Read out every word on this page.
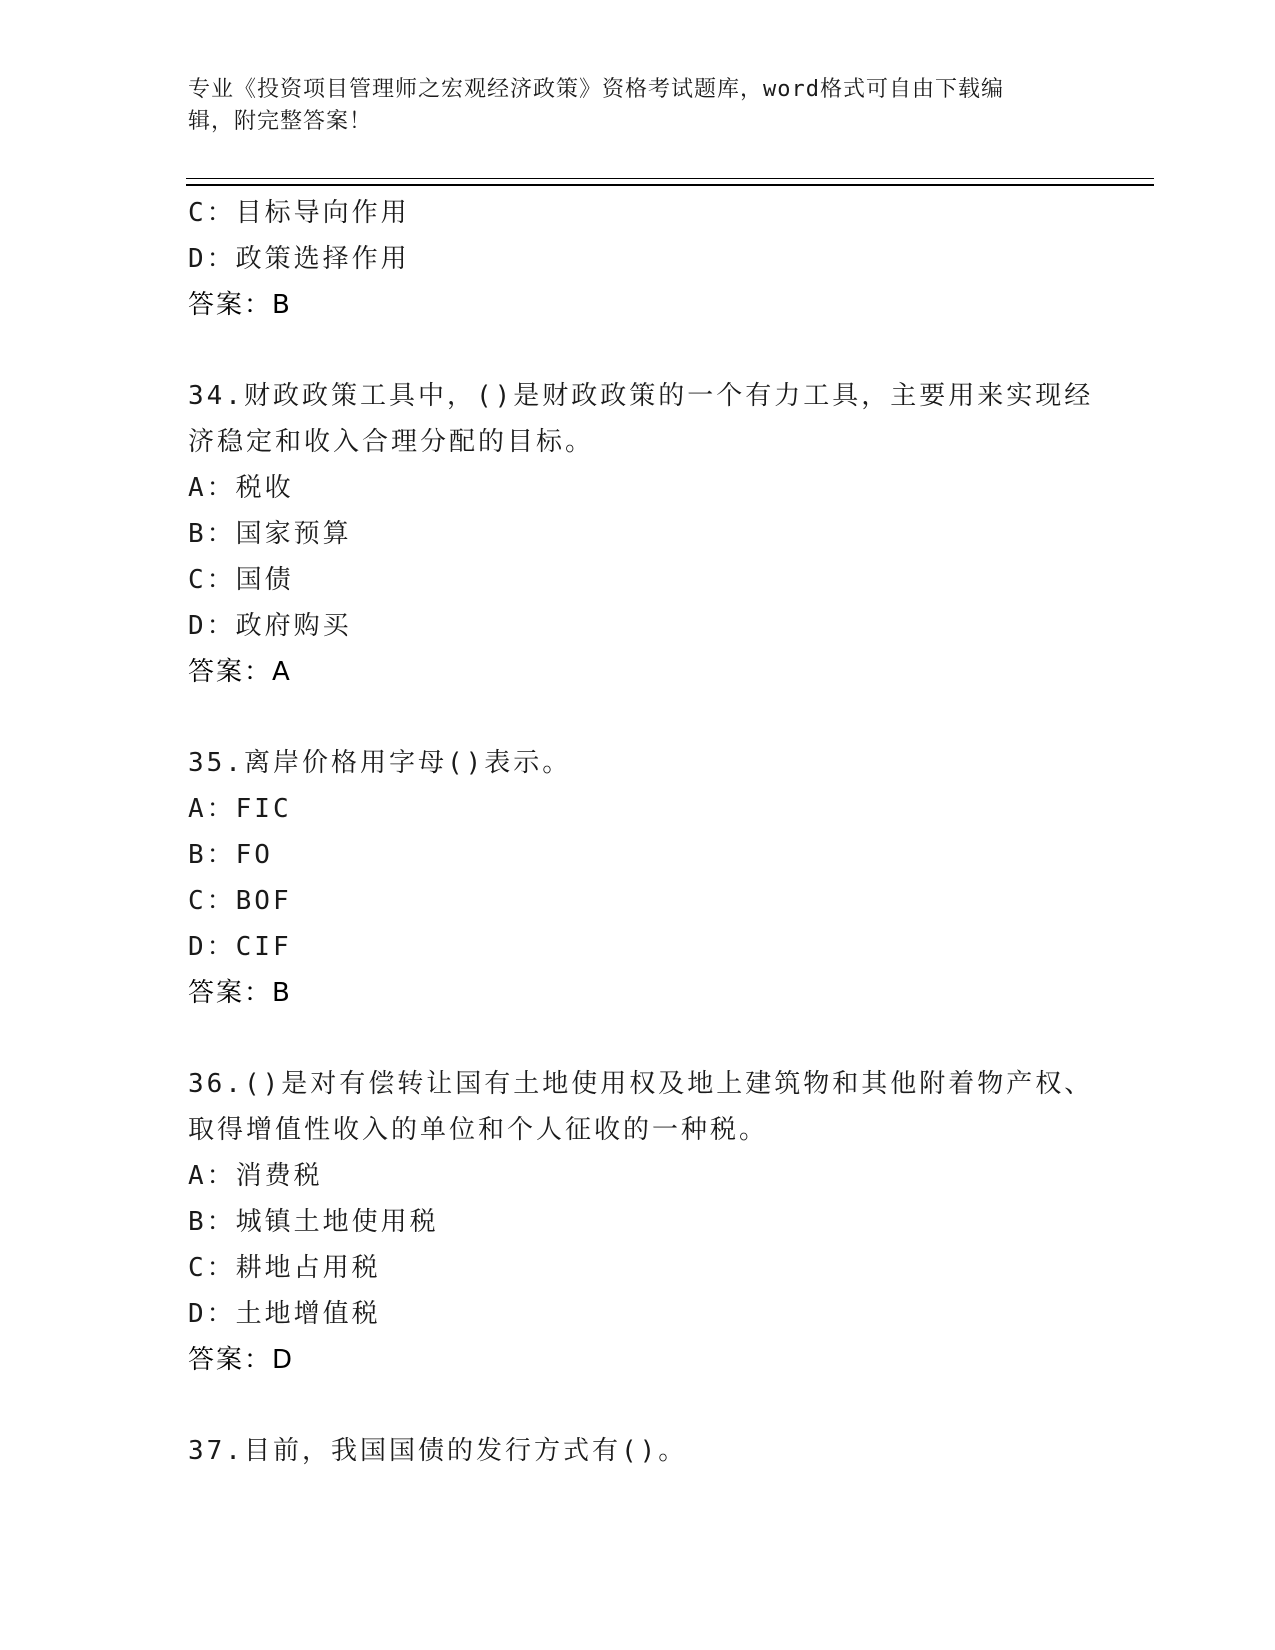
专业《投资项目管理师之宏观经济政策》资格考试题库，word格式可自由下载编
辑，附完整答案！
C：目标导向作用
D：政策选择作用
答案：B
34.财政政策工具中，()是财政政策的一个有力工具，主要用来实现经
济稳定和收入合理分配的目标。
A：税收
B：国家预算
C：国债
D：政府购买
答案：A
35.离岸价格用字母()表示。
A：FIC
B：FO
C：BOF
D：CIF
答案：B
36.()是对有偿转让国有土地使用权及地上建筑物和其他附着物产权、
取得增值性收入的单位和个人征收的一种税。
A：消费税
B：城镇土地使用税
C：耕地占用税
D：土地增值税
答案：D
37.目前，我国国债的发行方式有()。
